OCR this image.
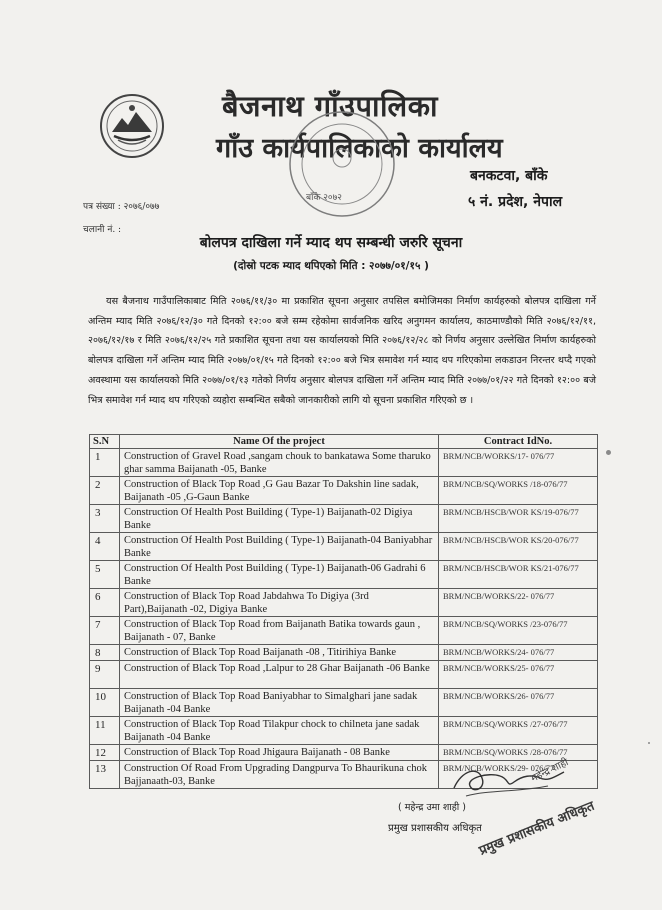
बैजनाथ गाँउपालिका
गाँउ कार्यपालिकाको कार्यालय
बाँके २०७२
बनकटवा, बाँके
५ नं. प्रदेश, नेपाल
पत्र संख्या : २०७६/०७७
चलानी नं. :
बोलपत्र दाखिला गर्ने म्याद थप सम्बन्धी जरुरि सूचना
(दोस्रो पटक म्याद थपिएको मिति : २०७७/०१/१५ )
यस बैजनाथ गाउँपालिकाबाट मिति २०७६/११/३० मा प्रकाशित सूचना अनुसार तपसिल बमोजिमका निर्माण कार्यहरुको बोलपत्र दाखिला गर्ने अन्तिम म्याद मिति २०७६/१२/३० गते दिनको १२:०० बजे सम्म रहेकोमा सार्वजनिक खरिद अनुगमन कार्यालय, काठमाण्डौको मिति २०७६/१२/११, २०७६/१२/१७ र मिति २०७६/१२/२५ गते प्रकाशित सूचना तथा यस कार्यालयको मिति २०७६/१२/२८ को निर्णय अनुसार उल्लेखित निर्माण कार्यहरुको बोलपत्र दाखिला गर्ने अन्तिम म्याद मिति २०७७/०१/१५ गते दिनको १२:०० बजे भित्र समावेश गर्न म्याद थप गरिएकोमा लकडाउन निरन्तर थप्दै गएको अवस्थामा यस कार्यालयको मिति २०७७/०१/१३ गतेको निर्णय अनुसार बोलपत्र दाखिला गर्ने अन्तिम म्याद मिति २०७७/०१/२२ गते दिनको १२:०० बजे भित्र समावेश गर्न म्याद थप गरिएको व्यहोरा सम्बन्धित सबैको जानकारीको लागि यो सूचना प्रकाशित गरिएको छ ।
S.N	Name Of the project	Contract IdNo.
1	Construction of Gravel Road ,sangam chouk to bankatawa Some tharuko ghar samma Baijanath -05, Banke	BRM/NCB/WORKS/17- 076/77
2	Construction of Black Top Road ,G Gau Bazar To Dakshin line sadak, Baijanath -05 ,G-Gaun Banke	BRM/NCB/SQ/WORKS /18-076/77
3	Construction Of Health Post Building ( Type-1) Baijanath-02 Digiya Banke	BRM/NCB/HSCB/WOR KS/19-076/77
4	Construction Of Health Post Building ( Type-1) Baijanath-04 Baniyabhar Banke	BRM/NCB/HSCB/WOR KS/20-076/77
5	Construction Of Health Post Building ( Type-1) Baijanath-06 Gadrahi 6 Banke	BRM/NCB/HSCB/WOR KS/21-076/77
6	Construction of Black Top Road Jabdahwa To Digiya (3rd Part),Baijanath -02, Digiya Banke	BRM/NCB/WORKS/22- 076/77
7	Construction of Black Top Road from Baijanath Batika towards gaun , Baijanath - 07, Banke	BRM/NCB/SQ/WORKS /23-076/77
8	Construction of Black Top Road Baijanath -08 , Titirihiya Banke	BRM/NCB/WORKS/24- 076/77
9	Construction of Black Top Road ,Lalpur to 28 Ghar Baijanath -06 Banke	BRM/NCB/WORKS/25- 076/77
10	Construction of Black Top Road Baniyabhar to Simalghari jane sadak Baijanath -04 Banke	BRM/NCB/WORKS/26- 076/77
11	Construction of Black Top Road Tilakpur chock to chilneta jane sadak Baijanath -04 Banke	BRM/NCB/SQ/WORKS /27-076/77
12	Construction of Black Top Road Jhigaura Baijanath - 08 Banke	BRM/NCB/SQ/WORKS /28-076/77
13	Construction Of Road From Upgrading Dangpurva To Bhaurikuna chok Bajjanaath-03, Banke	BRM/NCB/WORKS/29- 076/77
( महेन्द्र उमा शाही )
प्रमुख प्रशासकीय अधिकृत
महेन्द्र शाही
प्रमुख प्रशासकीय अधिकृत
